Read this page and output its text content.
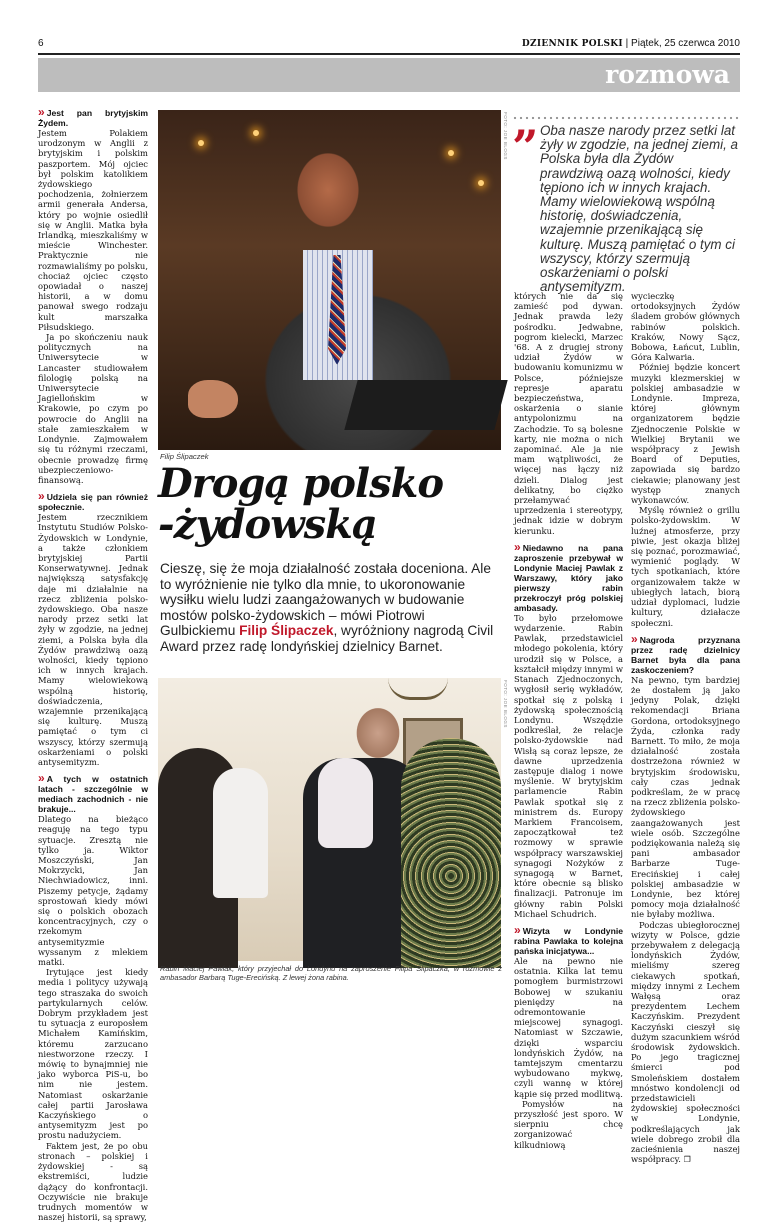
6	DZIENNIK POLSKI | Piątek, 25 czerwca 2010
rozmowa
» Jest pan brytyjskim Żydem.

Jestem Polakiem urodzonym w Anglii z brytyjskim i polskim paszportem. Mój ojciec był polskim katolikiem żydowskiego pochodzenia, żołnierzem armii generała Andersa, który po wojnie osiedlił się w Anglii. Matka była Irlandką, mieszkaliśmy w mieście Winchester. Praktycznie nie rozmawialiśmy po polsku, chociaż ojciec często opowiadał o naszej historii, a w domu panował swego rodzaju kult marszałka Piłsudskiego.

Ja po skończeniu nauk politycznych na Uniwersytecie w Lancaster studiowałem filologię polską na Uniwersytecie Jagiellońskim w Krakowie, po czym po powrocie do Anglii na stałe zamieszkałem w Londynie. Zajmowałem się tu różnymi rzeczami, obecnie prowadzę firmę ubezpieczeniowo-finansową.

» Udziela się pan również społecznie.

Jestem rzecznikiem Instytutu Studiów Polsko-Żydowskich w Londynie, a także członkiem brytyjskiej Partii Konserwatywnej. Jednak największą satysfakcję daje mi działalnie na rzecz zbliżenia polsko-żydowskiego. Oba nasze narody przez setki lat żyły w zgodzie, na jednej ziemi, a Polska była dla Żydów prawdziwą oazą wolności, kiedy tępiono ich w innych krajach. Mamy wielowiekową wspólną historię, doświadczenia, wzajemnie przenikającą się kulturę. Muszą pamiętać o tym ci wszyscy, którzy szermują oskarżeniami o polski antysemityzm.

» A tych w ostatnich latach - szczególnie w mediach zachodnich - nie brakuje...

Dlatego na bieżąco reaguję na tego typu sytuacje. Zresztą nie tylko ja. Wiktor Moszczyński, Jan Mokrzycki, Jan Niechwiadowicz, inni. Piszemy petycje, żądamy sprostowań kiedy mówi się o polskich obozach koncentracyjnych, czy o rzekomym antysemityzmie wyssanym z mlekiem matki.

Irytujące jest kiedy media i politycy używają tego straszaka do swoich partykularnych celów. Dobrym przykładem jest tu sytuacja z europosłem Michałem Kamińskim, któremu zarzucano niestworzone rzeczy. I mówię to bynajmniej nie jako wyborca PiS-u, bo nim nie jestem. Natomiast oskarżanie całej partii Jarosława Kaczyńskiego o antysemityzm jest po prostu nadużyciem.

Faktem jest, że po obu stronach – polskiej i żydowskiej - są ekstremiści, ludzie dążący do konfrontacji. Oczywiście nie brakuje trudnych momentów w naszej historii, są sprawy,

FOTO: JOE BLOGS
Filip Ślipaczek
Drogą polsko -żydowską
Cieszę, się że moja działalność została doceniona. Ale to wyróżnienie nie tylko dla mnie, to ukoronowanie wysiłku wielu ludzi zaangażowanych w budowanie mostów polsko-żydowskich – mówi Piotrowi Gulbickiemu Filip Ślipaczek, wyróżniony nagrodą Civil Award przez radę londyńskiej dzielnicy Barnet.
FOTO: JOE BLOGS
Rabin Maciej Pawlak, który przyjechał do Londynu na zaproszenie Filipa Ślipaczka, w rozmowie z ambasador Barbarą Tuge-Erecińską. Z lewej żona rabina.
” Oba nasze narody przez setki lat żyły w zgodzie, na jednej ziemi, a Polska była dla Żydów prawdziwą oazą wolności, kiedy tępiono ich w innych krajach. Mamy wielowiekową wspólną historię, doświadczenia, wzajemnie przenikającą się kulturę. Muszą pamiętać o tym ci wszyscy, którzy szermują oskarżeniami o polski antysemityzm.

których nie da się zamieść pod dywan. Jednak prawda leży pośrodku. Jedwabne, pogrom kielecki, Marzec '68. A z drugiej strony udział Żydów w budowaniu komunizmu w Polsce, późniejsze represje aparatu bezpieczeństwa, oskarżenia o sianie antypolonizmu na Zachodzie. To są bolesne karty, nie można o nich zapominać. Ale ja nie mam wątpliwości, że więcej nas łączy niż dzieli. Dialog jest delikatny, bo ciężko przełamywać uprzedzenia i stereotypy, jednak idzie w dobrym kierunku.

» Niedawno na pana zaproszenie przebywał w Londynie Maciej Pawlak z Warszawy, który jako pierwszy rabin przekroczył próg polskiej ambasady.

To było przełomowe wydarzenie. Rabin Pawlak, przedstawiciel młodego pokolenia, który urodził się w Polsce, a kształcił między innymi w Stanach Zjednoczonych, wygłosił serię wykładów, spotkał się z polską i żydowską społecznością Londynu. Wszędzie podkreślał, że relacje polsko-żydowskie nad Wisłą są coraz lepsze, że dawne uprzedzenia zastępuje dialog i nowe myślenie. W brytyjskim parlamencie Rabin Pawlak spotkał się z ministrem ds. Europy Markiem Francoisem, zapoczątkował też rozmowy w sprawie współpracy warszawskiej synagogi Nożyków z synagogą w Barnet, które obecnie są blisko finalizacji. Patronuje im główny rabin Polski Michael Schudrich.

» Wizyta w Londynie rabina Pawlaka to kolejna pańska inicjatywa...

Ale na pewno nie ostatnia. Kilka lat temu pomogłem burmistrzowi Bobowej w szukaniu pieniędzy na odremontowanie miejscowej synagogi. Natomiast w Szczawie, dzięki wsparciu londyńskich Żydów, na tamtejszym cmentarzu wybudowano mykwę, czyli wannę w której kąpie się przed modlitwą.

Pomysłów na przyszłość jest sporo. W sierpniu chcę zorganizować kilkudniową

wycieczkę ortodoksyjnych Żydów śladem grobów głównych rabinów polskich. Kraków, Nowy Sącz, Bobowa, Łańcut, Lublin, Góra Kalwaria.

Później będzie koncert muzyki klezmerskiej w polskiej ambasadzie w Londynie. Impreza, której głównym organizatorem będzie Zjednoczenie Polskie w Wielkiej Brytanii we współpracy z Jewish Board of Deputies, zapowiada się bardzo ciekawie; planowany jest występ znanych wykonawców.

Myślę również o grillu polsko-żydowskim. W luźnej atmosferze, przy piwie, jest okazja bliżej się poznać, porozmawiać, wymienić poglądy. W tych spotkaniach, które organizowałem także w ubiegłych latach, biorą udział dyplomaci, ludzie kultury, działacze społeczni.

» Nagroda przyznana przez radę dzielnicy Barnet była dla pana zaskoczeniem?

Na pewno, tym bardziej że dostałem ją jako jedyny Polak, dzięki rekomendacji Briana Gordona, ortodoksyjnego Żyda, członka rady Barnett. To miło, że moja działalność została dostrzeżona również w brytyjskim środowisku, cały czas jednak podkreślam, że w pracę na rzecz zbliżenia polsko-żydowskiego zaangażowanych jest wiele osób. Szczególne podziękowania należą się pani ambasador Barbarze Tuge-Erecińskiej i całej polskiej ambasadzie w Londynie, bez której pomocy moja działalność nie byłaby możliwa.

Podczas ubiegłorocznej wizyty w Polsce, gdzie przebywałem z delegacją londyńskich Żydów, mieliśmy szereg ciekawych spotkań, między innymi z Lechem Wałęsą oraz prezydentem Lechem Kaczyńskim. Prezydent Kaczyński cieszył się dużym szacunkiem wśród środowisk żydowskich. Po jego tragicznej śmierci pod Smoleńskiem dostałem mnóstwo kondolencji od przedstawicieli żydowskiej społeczności w Londynie, podkreślających jak wiele dobrego zrobił dla zacieśnienia naszej współpracy. ❐
